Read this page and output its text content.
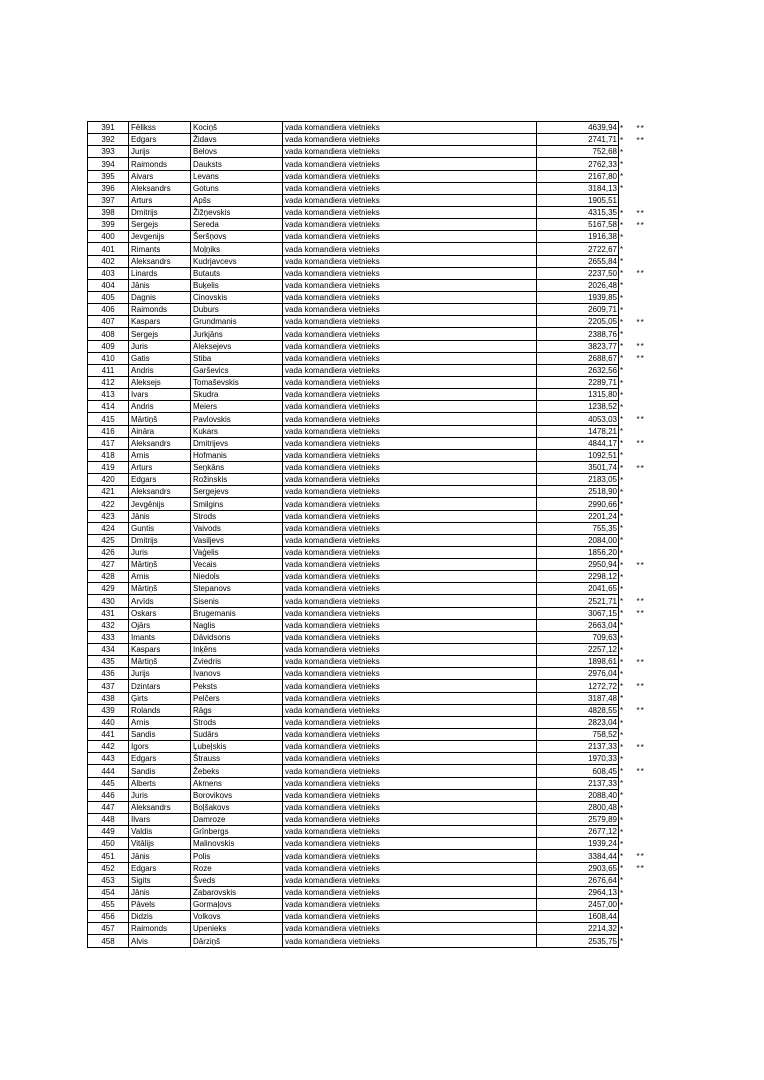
391	Fēlikss	Kociņš	vada komandiera vietnieks	4639,94	*	**
392	Edgars	Židavs	vada komandiera vietnieks	2741,71	*	**
393	Jurijs	Belovs	vada komandiera vietnieks	752,68	*	
394	Raimonds	Dauksts	vada komandiera vietnieks	2762,33	*	
395	Aivars	Levans	vada komandiera vietnieks	2167,80	*	
396	Aleksandrs	Gotuns	vada komandiera vietnieks	3184,13	*	
397	Arturs	Apšs	vada komandiera vietnieks	1905,51		
398	Dmitrijs	Žižņevskis	vada komandiera vietnieks	4315,35	*	**
399	Sergejs	Sereda	vada komandiera vietnieks	5167,58	*	**
400	Jevgenijs	Šeršņovs	vada komandiera vietnieks	1916,38	*	
401	Rimants	Moļņiks	vada komandiera vietnieks	2722,67	*	
402	Aleksandrs	Kudrjavcevs	vada komandiera vietnieks	2655,84	*	
403	Linards	Butauts	vada komandiera vietnieks	2237,50	*	**
404	Jānis	Buķelis	vada komandiera vietnieks	2026,48	*	
405	Dagnis	Cinovskis	vada komandiera vietnieks	1939,85	*	
406	Raimonds	Duburs	vada komandiera vietnieks	2609,71	*	
407	Kaspars	Grundmanis	vada komandiera vietnieks	2205,05	*	**
408	Sergejs	Jurkjāns	vada komandiera vietnieks	2388,76	*	
409	Juris	Aleksejevs	vada komandiera vietnieks	3823,77	*	**
410	Gatis	Stiba	vada komandiera vietnieks	2688,67	*	**
411	Andris	Garševics	vada komandiera vietnieks	2632,56	*	
412	Aleksejs	Tomaševskis	vada komandiera vietnieks	2289,71	*	
413	Ivars	Skudra	vada komandiera vietnieks	1315,80	*	
414	Andris	Meiers	vada komandiera vietnieks	1238,52	*	
415	Mārtiņš	Pavlovskis	vada komandiera vietnieks	4053,03	*	**
416	Aināra	Kukars	vada komandiera vietnieks	1478,21	*	
417	Aleksandrs	Dmitrijevs	vada komandiera vietnieks	4844,17	*	**
418	Arnis	Hofmanis	vada komandiera vietnieks	1092,51	*	
419	Arturs	Seņkāns	vada komandiera vietnieks	3501,74	*	**
420	Edgars	Rožinskis	vada komandiera vietnieks	2183,05	*	
421	Aleksandrs	Sergejevs	vada komandiera vietnieks	2518,90	*	
422	Jevgēnijs	Smilgins	vada komandiera vietnieks	2990,66	*	
423	Jānis	Strods	vada komandiera vietnieks	2201,24	*	
424	Guntis	Vaivods	vada komandiera vietnieks	755,35	*	
425	Dmitrijs	Vasiljevs	vada komandiera vietnieks	2084,00	*	
426	Juris	Vaģelis	vada komandiera vietnieks	1856,20	*	
427	Mārtiņš	Vecais	vada komandiera vietnieks	2950,94	*	**
428	Arnis	Niedols	vada komandiera vietnieks	2298,12	*	
429	Mārtiņš	Stepanovs	vada komandiera vietnieks	2041,65	*	
430	Arvīds	Sisenis	vada komandiera vietnieks	2521,71	*	**
431	Oskars	Brugemanis	vada komandiera vietnieks	3067,15	*	**
432	Ojārs	Naglis	vada komandiera vietnieks	2663,04	*	
433	Imants	Dāvidsons	vada komandiera vietnieks	709,63	*	
434	Kaspars	Inķēns	vada komandiera vietnieks	2257,12	*	
435	Mārtiņš	Zviedris	vada komandiera vietnieks	1898,61	*	**
436	Jurijs	Ivanovs	vada komandiera vietnieks	2976,04	*	
437	Dzintars	Peksts	vada komandiera vietnieks	1272,72	*	**
438	Ģirts	Pelčers	vada komandiera vietnieks	3187,48	*	
439	Rolands	Rāgs	vada komandiera vietnieks	4828,55	*	**
440	Arnis	Strods	vada komandiera vietnieks	2823,04	*	
441	Sandis	Sudārs	vada komandiera vietnieks	758,52	*	
442	Igors	Ļubeļskis	vada komandiera vietnieks	2137,33	*	**
443	Edgars	Štrauss	vada komandiera vietnieks	1970,33	*	
444	Sandis	Žebeks	vada komandiera vietnieks	608,45	*	**
445	Alberts	Akmens	vada komandiera vietnieks	2137,33	*	
446	Juris	Borovikovs	vada komandiera vietnieks	2088,40	*	
447	Aleksandrs	Boļšakovs	vada komandiera vietnieks	2800,48	*	
448	Ilvars	Damroze	vada komandiera vietnieks	2579,89	*	
449	Valdis	Grīnbergs	vada komandiera vietnieks	2677,12	*	
450	Vitālijs	Malinovskis	vada komandiera vietnieks	1939,24	*	
451	Jānis	Polis	vada komandiera vietnieks	3384,44	*	**
452	Edgars	Roze	vada komandiera vietnieks	2903,65	*	**
453	Sigits	Šveds	vada komandiera vietnieks	2676,64	*	
454	Jānis	Zabarovskis	vada komandiera vietnieks	2964,13	*	
455	Pāvels	Gormaļovs	vada komandiera vietnieks	2457,00	*	
456	Didzis	Volkovs	vada komandiera vietnieks	1608,44		
457	Raimonds	Upenieks	vada komandiera vietnieks	2214,32	*	
458	Alvis	Dārziņš	vada komandiera vietnieks	2535,75	*	
